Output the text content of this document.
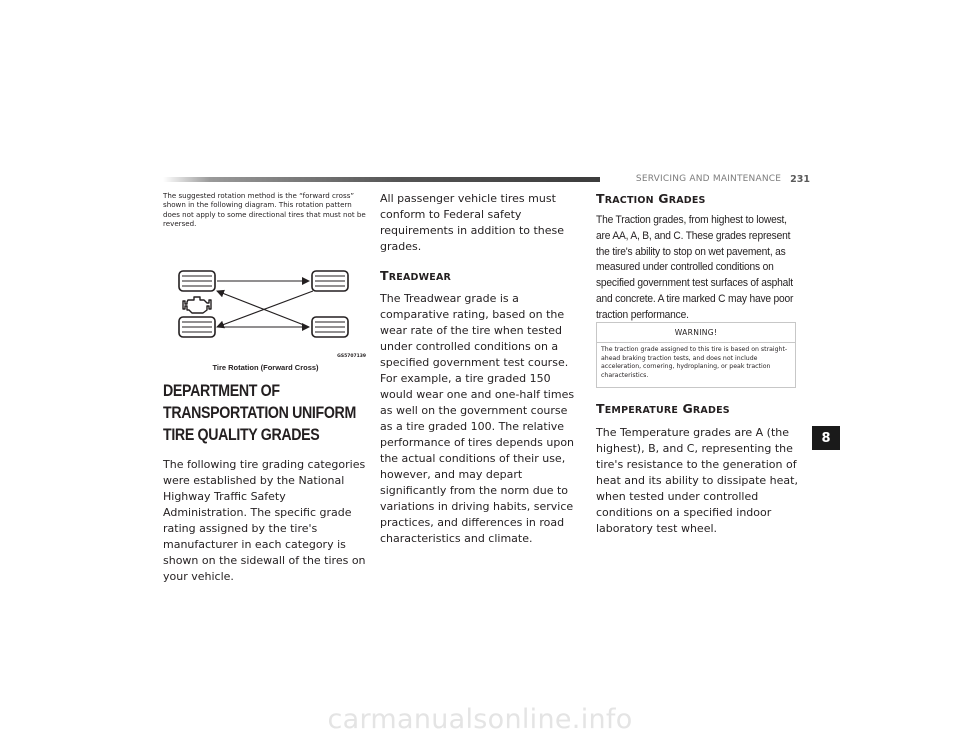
SERVICING AND MAINTENANCE 231

The suggested rotation method is the “forward cross” shown in the following diagram. This rotation pattern does not apply to some directional tires that must not be reversed.

GS5707139
Tire Rotation (Forward Cross)
DEPARTMENT OF TRANSPORTATION UNIFORM TIRE QUALITY GRADES

The following tire grading categories were established by the National Highway Traffic Safety Administration. The specific grade rating assigned by the tire's manufacturer in each category is shown on the sidewall of the tires on your vehicle.

All passenger vehicle tires must conform to Federal safety requirements in addition to these grades.

TREADWEAR

The Treadwear grade is a comparative rating, based on the wear rate of the tire when tested under controlled conditions on a specified government test course. For example, a tire graded 150 would wear one and one-half times as well on the government course as a tire graded 100. The relative performance of tires depends upon the actual conditions of their use, however, and may depart significantly from the norm due to variations in driving habits, service practices, and differences in road characteristics and climate.

TRACTION GRADES

The Traction grades, from highest to lowest, are AA, A, B, and C. These grades represent the tire's ability to stop on wet pavement, as measured under controlled conditions on specified government test surfaces of asphalt and concrete. A tire marked C may have poor traction performance.

WARNING!
The traction grade assigned to this tire is based on straight-ahead braking traction tests, and does not include acceleration, cornering, hydroplaning, or peak traction characteristics.
TEMPERATURE GRADES

The Temperature grades are A (the highest), B, and C, representing the tire's resistance to the generation of heat and its ability to dissipate heat, when tested under controlled conditions on a specified indoor laboratory test wheel.

8
carmanualsonline.info
